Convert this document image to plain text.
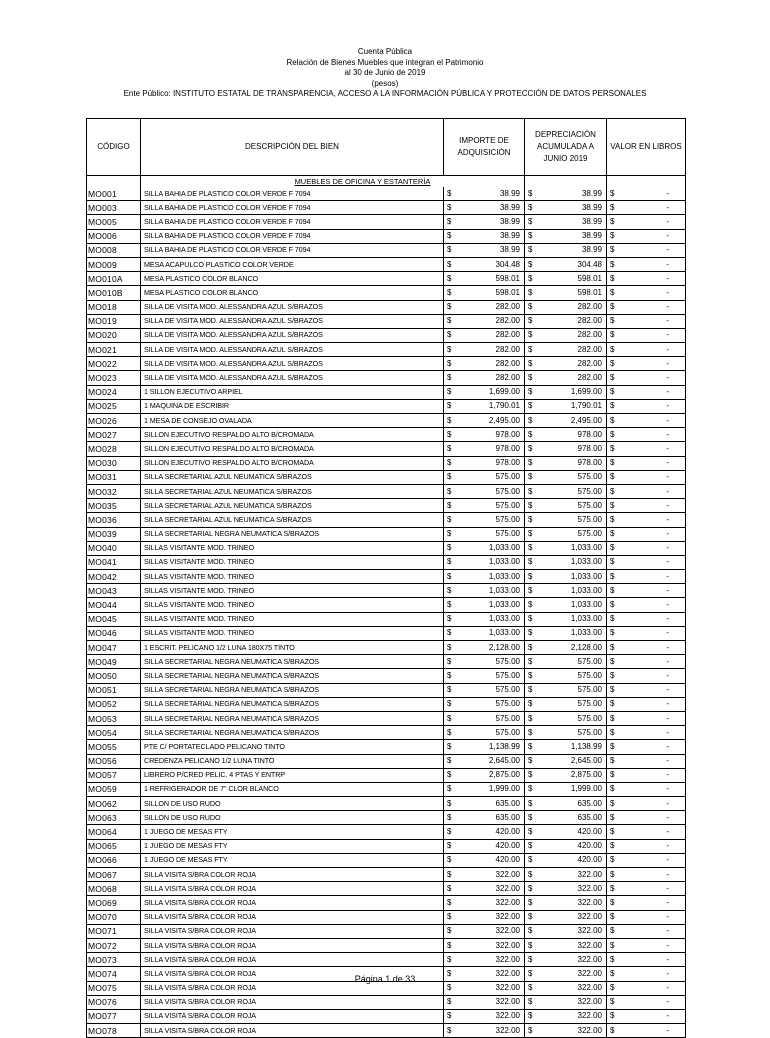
Cuenta Pública
Relación de Bienes Muebles que integran el Patrimonio
al 30 de Junio de 2019
(pesos)
Ente Público: INSTITUTO ESTATAL DE TRANSPARENCIA, ACCESO A LA INFORMACIÓN PÚBLICA Y PROTECCIÓN DE DATOS PERSONALES
CÓDIGO	DESCRIPCIÓN DEL BIEN	IMPORTE DE ADQUISICIÓN	DEPRECIACIÓN ACUMULADA A JUNIO 2019	VALOR EN LIBROS
	MUEBLES DE OFICINA Y ESTANTERÍA			
MO001	SILLA BAHIA DE PLASTICO COLOR VERDE F 7094	$ 38.99	$ 38.99	$ -

MO003	SILLA BAHIA DE PLASTICO COLOR VERDE F 7094	$ 38.99	$ 38.99	$ -

MO005	SILLA BAHIA DE PLASTICO COLOR VERDE F 7094	$ 38.99	$ 38.99	$ -

MO006	SILLA BAHIA DE PLASTICO COLOR VERDE F 7094	$ 38.99	$ 38.99	$ -

MO008	SILLA BAHIA DE PLASTICO COLOR VERDE F 7094	$ 38.99	$ 38.99	$ -

MO009	MESA ACAPULCO PLASTICO COLOR VERDE	$ 304.48	$ 304.48	$ -

MO010A	MESA PLASTICO COLOR BLANCO	$ 598.01	$ 598.01	$ -

MO010B	MESA PLASTICO COLOR BLANCO	$ 598.01	$ 598.01	$ -

MO018	SILLA DE VISITA MOD. ALESSANDRA AZUL S/BRAZOS	$ 282.00	$ 282.00	$ -

MO019	SILLA DE VISITA MOD. ALESSANDRA AZUL S/BRAZOS	$ 282.00	$ 282.00	$ -

MO020	SILLA DE VISITA MOD. ALESSANDRA AZUL S/BRAZOS	$ 282.00	$ 282.00	$ -

MO021	SILLA DE VISITA MOD. ALESSANDRA AZUL S/BRAZOS	$ 282.00	$ 282.00	$ -

MO022	SILLA DE VISITA MOD. ALESSANDRA AZUL S/BRAZOS	$ 282.00	$ 282.00	$ -

MO023	SILLA DE VISITA MOD. ALESSANDRA AZUL S/BRAZOS	$ 282.00	$ 282.00	$ -

MO024	1 SILLON EJECUTIVO ARPIEL	$ 1,699.00	$ 1,699.00	$ -

MO025	1 MAQUINA DE ESCRIBIR	$ 1,790.01	$ 1,790.01	$ -

MO026	1 MESA DE CONSEJO OVALADA	$ 2,495.00	$ 2,495.00	$ -

MO027	SILLON EJECUTIVO RESPALDO ALTO B/CROMADA	$ 978.00	$ 978.00	$ -

MO028	SILLON EJECUTIVO RESPALDO ALTO B/CROMADA	$ 978.00	$ 978.00	$ -

MO030	SILLON EJECUTIVO RESPALDO ALTO B/CROMADA	$ 978.00	$ 978.00	$ -

MO031	SILLA SECRETARIAL AZUL NEUMATICA S/BRAZOS	$ 575.00	$ 575.00	$ -

MO032	SILLA SECRETARIAL AZUL NEUMATICA S/BRAZOS	$ 575.00	$ 575.00	$ -

MO035	SILLA SECRETARIAL AZUL NEUMATICA S/BRAZOS	$ 575.00	$ 575.00	$ -

MO036	SILLA SECRETARIAL AZUL NEUMATICA S/BRAZOS	$ 575.00	$ 575.00	$ -

MO039	SILLA SECRETARIAL NEGRA NEUMATICA S/BRAZOS	$ 575.00	$ 575.00	$ -

MO040	SILLAS VISITANTE MOD. TRINEO	$ 1,033.00	$ 1,033.00	$ -

MO041	SILLAS VISITANTE MOD. TRINEO	$ 1,033.00	$ 1,033.00	$ -

MO042	SILLAS VISITANTE MOD. TRINEO	$ 1,033.00	$ 1,033.00	$ -

MO043	SILLAS VISITANTE MOD. TRINEO	$ 1,033.00	$ 1,033.00	$ -

MO044	SILLAS VISITANTE MOD. TRINEO	$ 1,033.00	$ 1,033.00	$ -

MO045	SILLAS VISITANTE MOD. TRINEO	$ 1,033.00	$ 1,033.00	$ -

MO046	SILLAS VISITANTE MOD. TRINEO	$ 1,033.00	$ 1,033.00	$ -

MO047	1 ESCRIT. PELICANO 1/2 LUNA 180X75 TINTO	$ 2,128.00	$ 2,128.00	$ -

MO049	SILLA SECRETARIAL NEGRA NEUMATICA S/BRAZOS	$ 575.00	$ 575.00	$ -

MO050	SILLA SECRETARIAL NEGRA NEUMATICA S/BRAZOS	$ 575.00	$ 575.00	$ -

MO051	SILLA SECRETARIAL NEGRA NEUMATICA S/BRAZOS	$ 575.00	$ 575.00	$ -

MO052	SILLA SECRETARIAL NEGRA NEUMATICA S/BRAZOS	$ 575.00	$ 575.00	$ -

MO053	SILLA SECRETARIAL NEGRA NEUMATICA S/BRAZOS	$ 575.00	$ 575.00	$ -

MO054	SILLA SECRETARIAL NEGRA NEUMATICA S/BRAZOS	$ 575.00	$ 575.00	$ -

MO055	PTE C/ PORTATECLADO PELICANO TINTO	$ 1,138.99	$ 1,138.99	$ -

MO056	CREDENZA PELICANO 1/2 LUNA TINTO	$ 2,645.00	$ 2,645.00	$ -

MO057	LIBRERO P/CRED PELIC. 4 PTAS Y ENTRP	$ 2,875.00	$ 2,875.00	$ -

MO059	1 REFRIGERADOR DE 7" CLOR BLANCO	$ 1,999.00	$ 1,999.00	$ -

MO062	SILLON DE USO RUDO	$ 635.00	$ 635.00	$ -

MO063	SILLON DE USO RUDO	$ 635.00	$ 635.00	$ -

MO064	1 JUEGO DE MESAS FTY	$ 420.00	$ 420.00	$ -

MO065	1 JUEGO DE MESAS FTY	$ 420.00	$ 420.00	$ -

MO066	1 JUEGO DE MESAS FTY	$ 420.00	$ 420.00	$ -

MO067	SILLA VISITA S/BRA COLOR ROJA	$ 322.00	$ 322.00	$ -

MO068	SILLA VISITA S/BRA COLOR ROJA	$ 322.00	$ 322.00	$ -

MO069	SILLA VISITA S/BRA COLOR ROJA	$ 322.00	$ 322.00	$ -

MO070	SILLA VISITA S/BRA COLOR ROJA	$ 322.00	$ 322.00	$ -

MO071	SILLA VISITA S/BRA COLOR ROJA	$ 322.00	$ 322.00	$ -

MO072	SILLA VISITA S/BRA COLOR ROJA	$ 322.00	$ 322.00	$ -

MO073	SILLA VISITA S/BRA COLOR ROJA	$ 322.00	$ 322.00	$ -

MO074	SILLA VISITA S/BRA COLOR ROJA	$ 322.00	$ 322.00	$ -

MO075	SILLA VISITA S/BRA COLOR ROJA	$ 322.00	$ 322.00	$ -

MO076	SILLA VISITA S/BRA COLOR ROJA	$ 322.00	$ 322.00	$ -

MO077	SILLA VISITA S/BRA COLOR ROJA	$ 322.00	$ 322.00	$ -

MO078	SILLA VISITA S/BRA COLOR ROJA	$ 322.00	$ 322.00	$ -
Página 1 de 33
